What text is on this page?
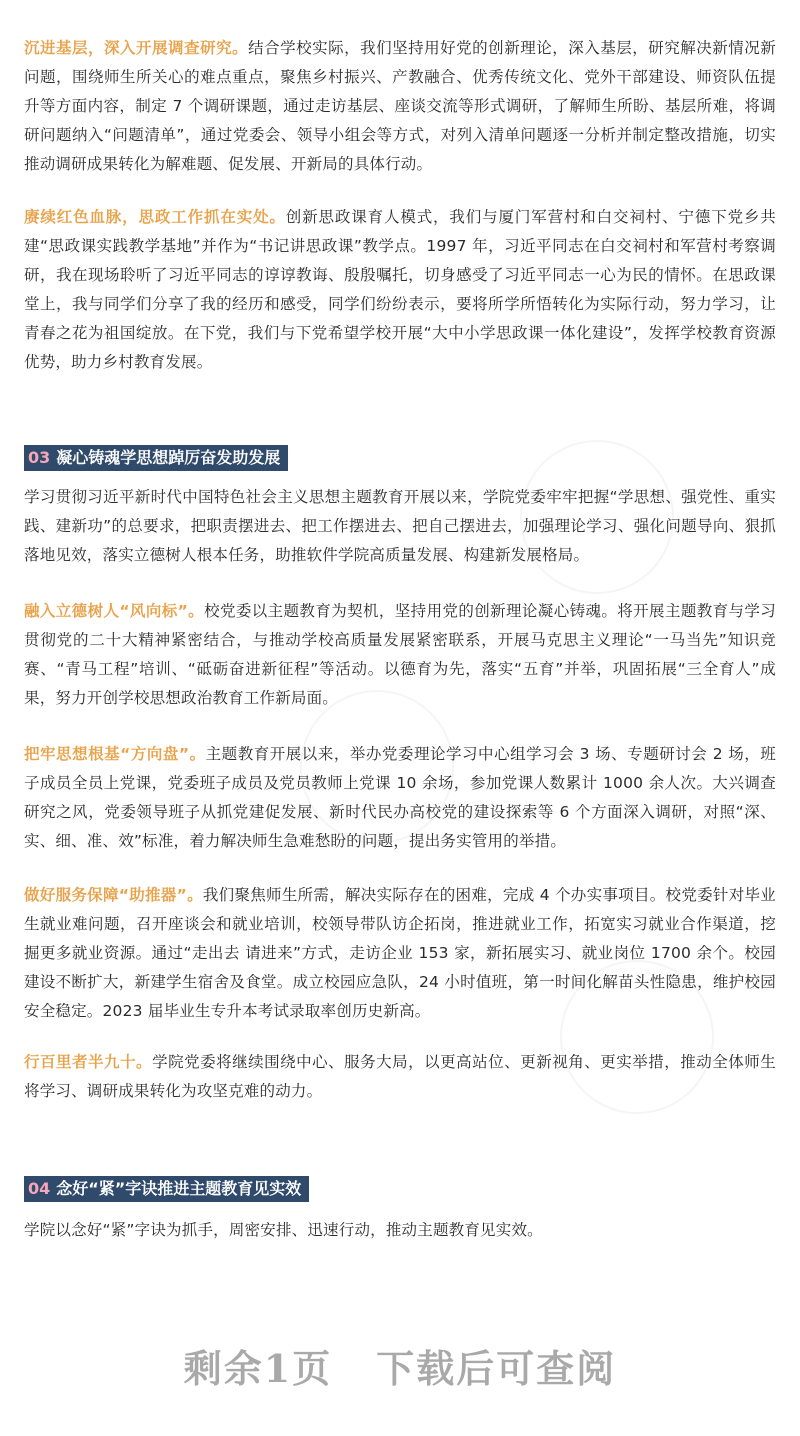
沉进基层，深入开展调查研究。结合学校实际，我们坚持用好党的创新理论，深入基层，研究解决新情况新问题，围绕师生所关心的难点重点，聚焦乡村振兴、产教融合、优秀传统文化、党外干部建设、师资队伍提升等方面内容，制定 7 个调研课题，通过走访基层、座谈交流等形式调研，了解师生所盼、基层所难，将调研问题纳入“问题清单”，通过党委会、领导小组会等方式，对列入清单问题逐一分析并制定整改措施，切实推动调研成果转化为解难题、促发展、开新局的具体行动。

赓续红色血脉，思政工作抓在实处。创新思政课育人模式，我们与厦门军营村和白交祠村、宁德下党乡共建“思政课实践教学基地”并作为“书记讲思政课”教学点。1997 年，习近平同志在白交祠村和军营村考察调研，我在现场聆听了习近平同志的谆谆教诲、殷殷嘱托，切身感受了习近平同志一心为民的情怀。在思政课堂上，我与同学们分享了我的经历和感受，同学们纷纷表示，要将所学所悟转化为实际行动，努力学习，让青春之花为祖国绽放。在下党，我们与下党希望学校开展“大中小学思政课一体化建设”，发挥学校教育资源优势，助力乡村教育发展。

03 凝心铸魂学思想踔厉奋发助发展

学习贯彻习近平新时代中国特色社会主义思想主题教育开展以来，学院党委牢牢把握“学思想、强党性、重实践、建新功”的总要求，把职责摆进去、把工作摆进去、把自己摆进去，加强理论学习、强化问题导向、狠抓落地见效，落实立德树人根本任务，助推软件学院高质量发展、构建新发展格局。

融入立德树人“风向标”。校党委以主题教育为契机，坚持用党的创新理论凝心铸魂。将开展主题教育与学习贯彻党的二十大精神紧密结合，与推动学校高质量发展紧密联系，开展马克思主义理论“一马当先”知识竞赛、“青马工程”培训、“砥砺奋进新征程”等活动。以德育为先，落实“五育”并举，巩固拓展“三全育人”成果，努力开创学校思想政治教育工作新局面。

把牢思想根基“方向盘”。主题教育开展以来，举办党委理论学习中心组学习会 3 场、专题研讨会 2 场，班子成员全员上党课，党委班子成员及党员教师上党课 10 余场，参加党课人数累计 1000 余人次。大兴调查研究之风，党委领导班子从抓党建促发展、新时代民办高校党的建设探索等 6 个方面深入调研，对照“深、实、细、准、效”标准，着力解决师生急难愁盼的问题，提出务实管用的举措。

做好服务保障“助推器”。我们聚焦师生所需，解决实际存在的困难，完成 4 个办实事项目。校党委针对毕业生就业难问题，召开座谈会和就业培训，校领导带队访企拓岗，推进就业工作，拓宽实习就业合作渠道，挖掘更多就业资源。通过“走出去 请进来”方式，走访企业 153 家，新拓展实习、就业岗位 1700 余个。校园建设不断扩大，新建学生宿舍及食堂。成立校园应急队，24 小时值班，第一时间化解苗头性隐患，维护校园安全稳定。2023 届毕业生专升本考试录取率创历史新高。

行百里者半九十。学院党委将继续围绕中心、服务大局，以更高站位、更新视角、更实举措，推动全体师生将学习、调研成果转化为攻坚克难的动力。

04 念好“紧”字诀推进主题教育见实效

学院以念好“紧”字诀为抓手，周密安排、迅速行动，推动主题教育见实效。

剩余1页 下载后可查阅
